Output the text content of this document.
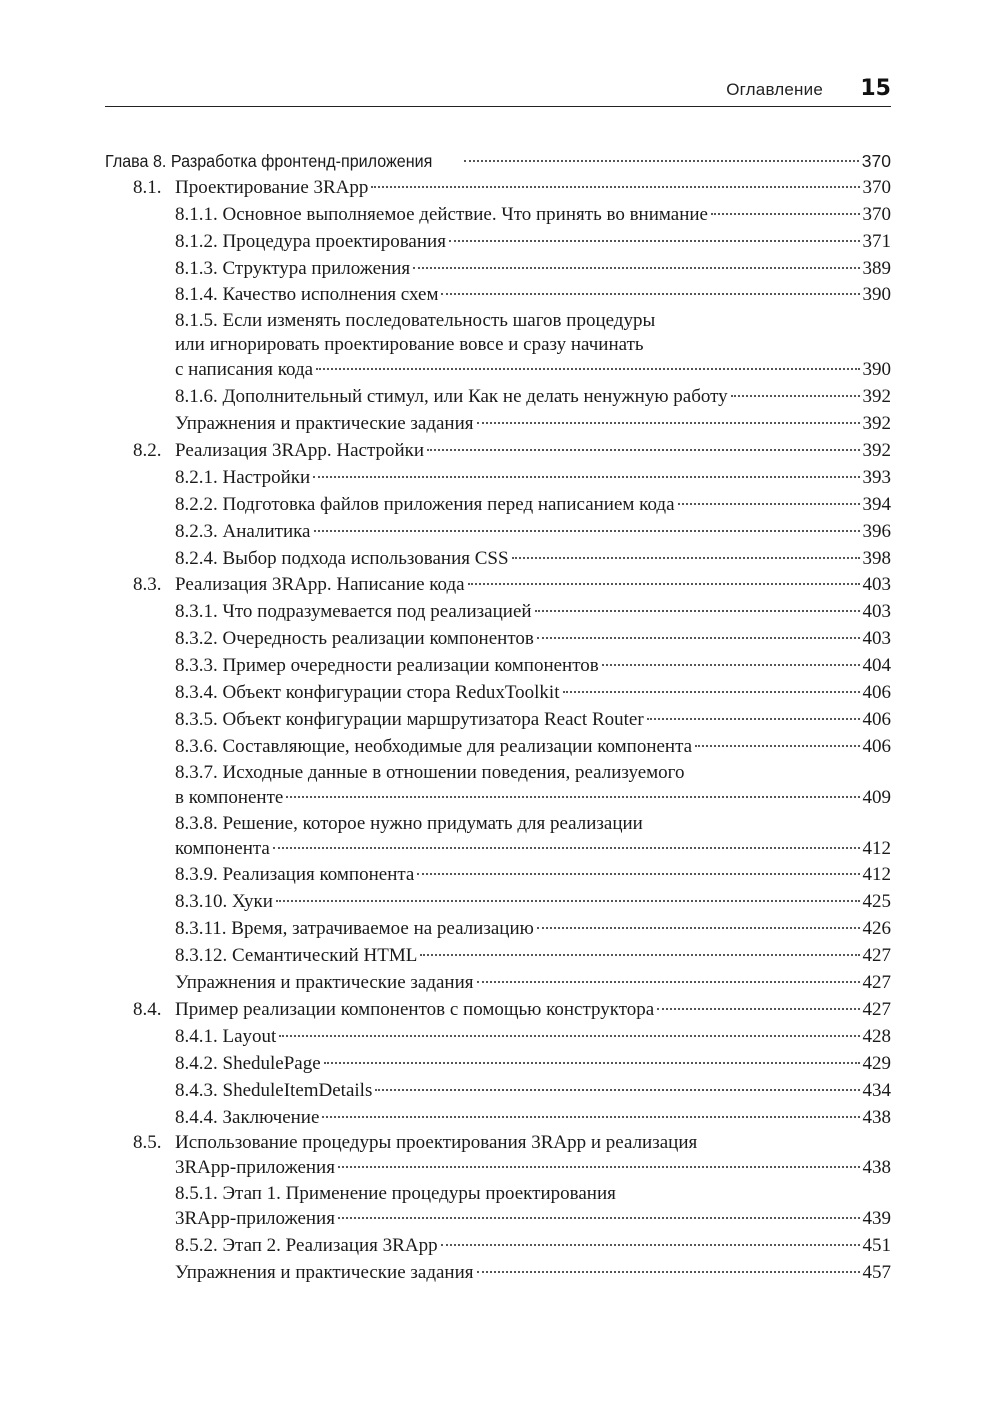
Оглавление 15
Глава 8. Разработка фронтенд-приложения	370
8.1. Проектирование 3RApp	370
8.1.1. Основное выполняемое действие. Что принять во внимание	370
8.1.2. Процедура проектирования	371
8.1.3. Структура приложения	389
8.1.4. Качество исполнения схем	390
8.1.5. Если изменять последовательность шагов процедуры
или игнорировать проектирование вовсе и сразу начинать
с написания кода	390
8.1.6. Дополнительный стимул, или Как не делать ненужную работу	392
Упражнения и практические задания	392
8.2. Реализация 3RApp. Настройки	392
8.2.1. Настройки	393
8.2.2. Подготовка файлов приложения перед написанием кода	394
8.2.3. Аналитика	396
8.2.4. Выбор подхода использования CSS	398
8.3. Реализация 3RApp. Написание кода	403
8.3.1. Что подразумевается под реализацией	403
8.3.2. Очередность реализации компонентов	403
8.3.3. Пример очередности реализации компонентов	404
8.3.4. Объект конфигурации стора ReduxToolkit	406
8.3.5. Объект конфигурации маршрутизатора React Router	406
8.3.6. Составляющие, необходимые для реализации компонента	406
8.3.7. Исходные данные в отношении поведения, реализуемого
в компоненте	409
8.3.8. Решение, которое нужно придумать для реализации
компонента	412
8.3.9. Реализация компонента	412
8.3.10. Хуки	425
8.3.11. Время, затрачиваемое на реализацию	426
8.3.12. Семантический HTML	427
Упражнения и практические задания	427
8.4. Пример реализации компонентов с помощью конструктора	427
8.4.1. Layout	428
8.4.2. ShedulePage	429
8.4.3. SheduleItemDetails	434
8.4.4. Заключение	438
8.5. Использование процедуры проектирования 3RApp и реализация
3RApp-приложения	438
8.5.1. Этап 1. Применение процедуры проектирования
3RApp-приложения	439
8.5.2. Этап 2. Реализация 3RApp	451
Упражнения и практические задания	457
